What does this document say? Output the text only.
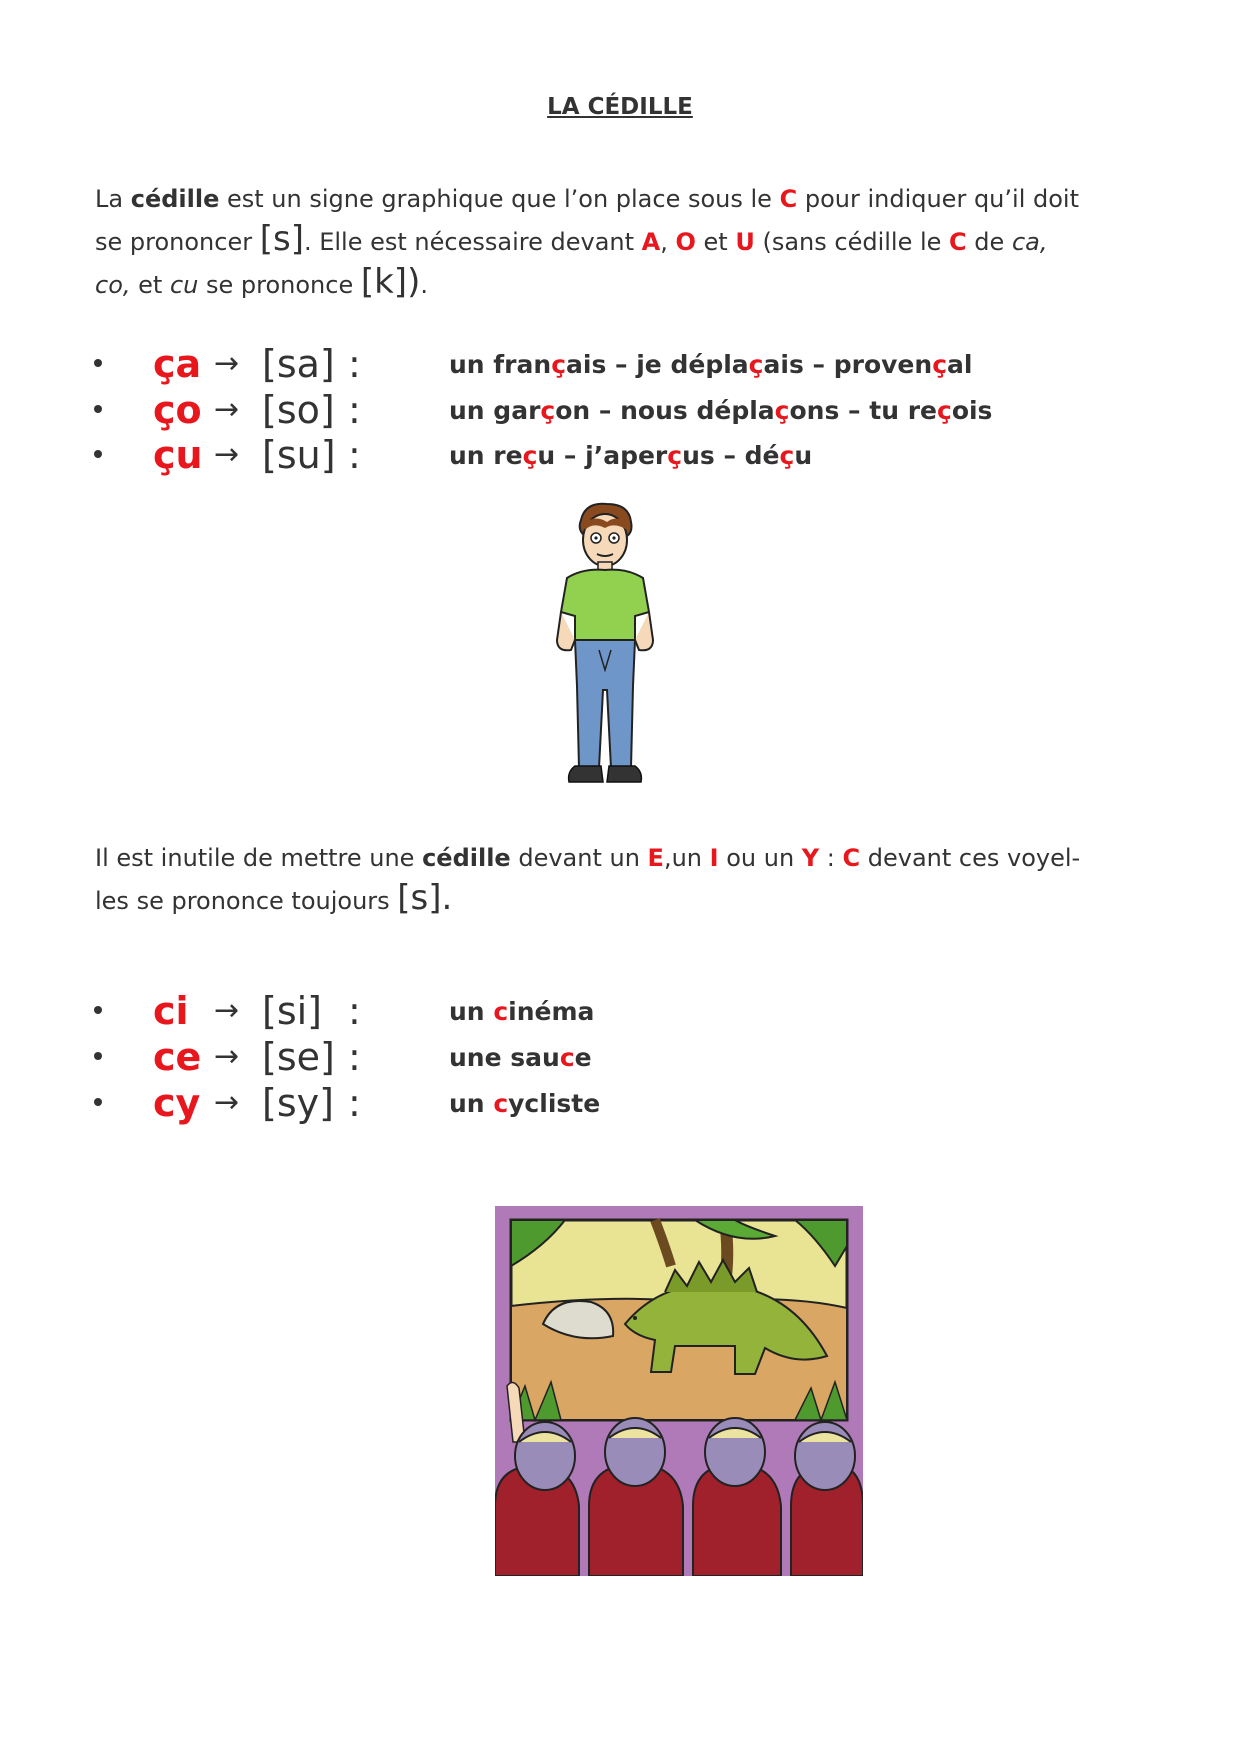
LA CÉDILLE
La cédille est un signe graphique que l’on place sous le C pour indiquer qu’il doit
se prononcer [s]. Elle est nécessaire devant A, O et U (sans cédille le C de ca,
co, et cu se prononce [k]).
ça → [sa] :	un français – je déplaçais – provençal
ço → [so] :	un garçon – nous déplaçons – tu reçois
çu → [su] :	un reçu – j’aperçus – déçu
Il est inutile de mettre une cédille devant un E,un I ou un Y : C devant ces voyel-
les se prononce toujours [s].
ci → [si] :	un cinéma
ce → [se] :	une sauce
cy → [sy] :	un cycliste
